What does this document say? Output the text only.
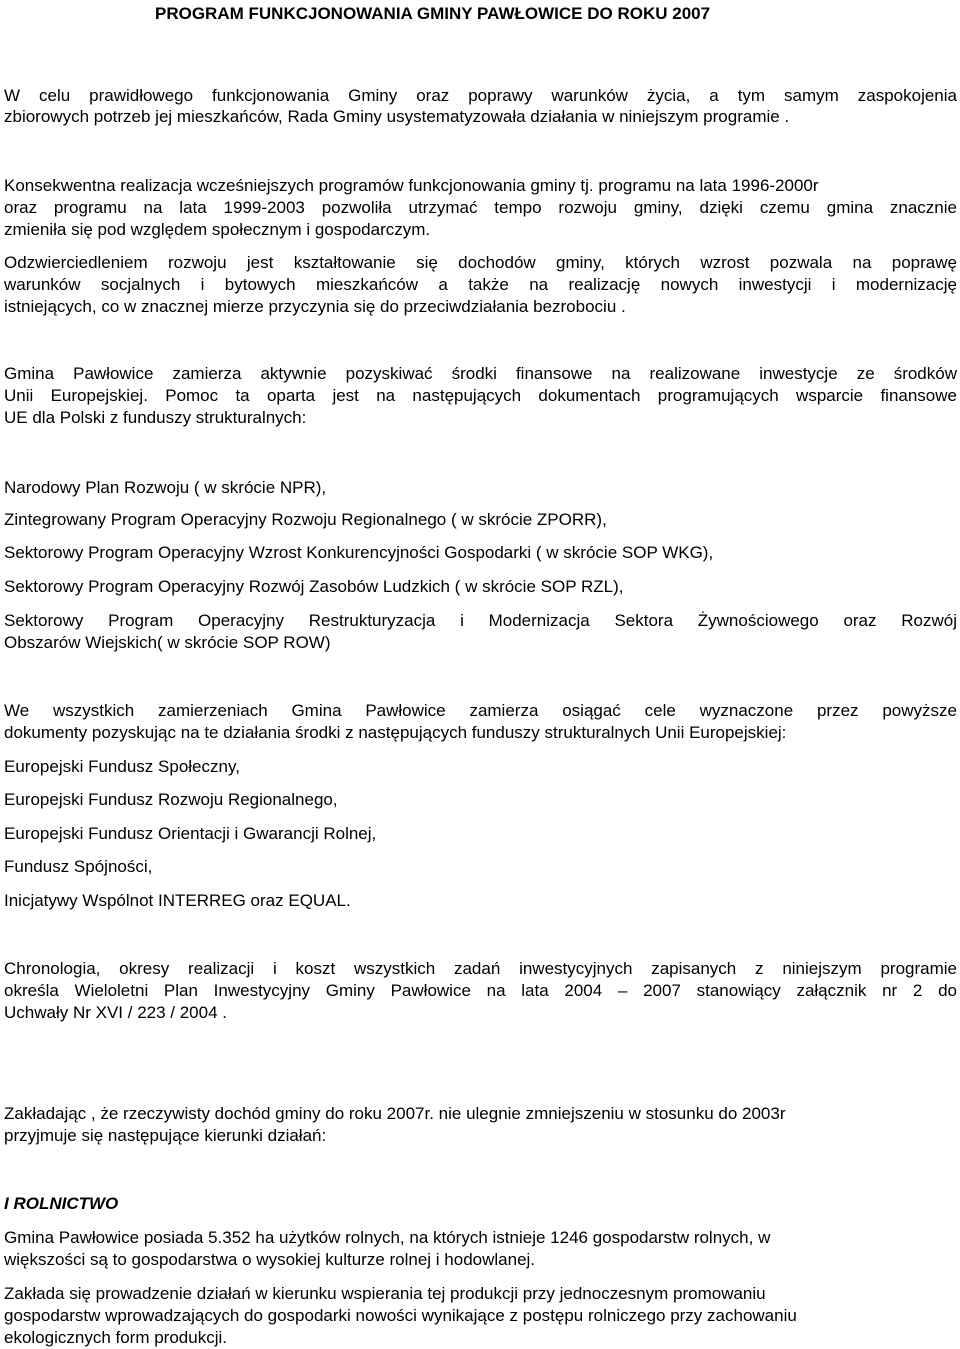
PROGRAM FUNKCJONOWANIA GMINY PAWŁOWICE DO ROKU 2007
W celu prawidłowego funkcjonowania Gminy oraz poprawy warunków życia, a tym samym zaspokojenia
zbiorowych potrzeb jej mieszkańców, Rada Gminy usystematyzowała działania w niniejszym programie .
Konsekwentna realizacja wcześniejszych programów funkcjonowania gminy tj. programu na lata 1996-2000r
oraz programu na lata 1999-2003 pozwoliła utrzymać tempo rozwoju gminy, dzięki czemu gmina znacznie
zmieniła się pod względem społecznym i gospodarczym.
Odzwierciedleniem rozwoju jest kształtowanie się dochodów gminy, których wzrost pozwala na poprawę
warunków socjalnych i bytowych mieszkańców a także na realizację nowych inwestycji i modernizację
istniejących, co w znacznej mierze przyczynia się do przeciwdziałania bezrobociu .
Gmina Pawłowice zamierza aktywnie pozyskiwać środki finansowe na realizowane inwestycje ze środków
Unii Europejskiej. Pomoc ta oparta jest na następujących dokumentach programujących wsparcie finansowe
UE dla Polski z funduszy strukturalnych:
Narodowy Plan Rozwoju ( w skrócie NPR),
Zintegrowany Program Operacyjny Rozwoju Regionalnego ( w skrócie ZPORR),
Sektorowy Program Operacyjny Wzrost Konkurencyjności Gospodarki ( w skrócie SOP WKG),
Sektorowy Program Operacyjny Rozwój Zasobów Ludzkich ( w skrócie SOP RZL),
Sektorowy Program Operacyjny Restrukturyzacja i Modernizacja Sektora Żywnościowego oraz Rozwój
Obszarów Wiejskich( w skrócie SOP ROW)
We wszystkich zamierzeniach Gmina Pawłowice zamierza osiągać cele wyznaczone przez powyższe
dokumenty pozyskując na te działania środki z następujących funduszy strukturalnych Unii Europejskiej:
Europejski Fundusz Społeczny,
Europejski Fundusz Rozwoju Regionalnego,
Europejski Fundusz Orientacji i Gwarancji Rolnej,
Fundusz Spójności,
Inicjatywy Wspólnot INTERREG oraz EQUAL.
Chronologia, okresy realizacji i koszt wszystkich zadań inwestycyjnych zapisanych z niniejszym programie
określa Wieloletni Plan Inwestycyjny Gminy Pawłowice na lata 2004 – 2007 stanowiący załącznik nr 2 do
Uchwały Nr XVI / 223 / 2004 .
Zakładając , że rzeczywisty dochód gminy do roku 2007r. nie ulegnie zmniejszeniu w stosunku do 2003r
przyjmuje się następujące kierunki działań:
I ROLNICTWO
Gmina Pawłowice posiada 5.352 ha użytków rolnych, na których istnieje 1246 gospodarstw rolnych, w
większości są to gospodarstwa o wysokiej kulturze rolnej i hodowlanej.
Zakłada się prowadzenie działań w kierunku wspierania tej produkcji przy jednoczesnym promowaniu
gospodarstw wprowadzających do gospodarki nowości wynikające z postępu rolniczego przy zachowaniu
ekologicznych form produkcji.
